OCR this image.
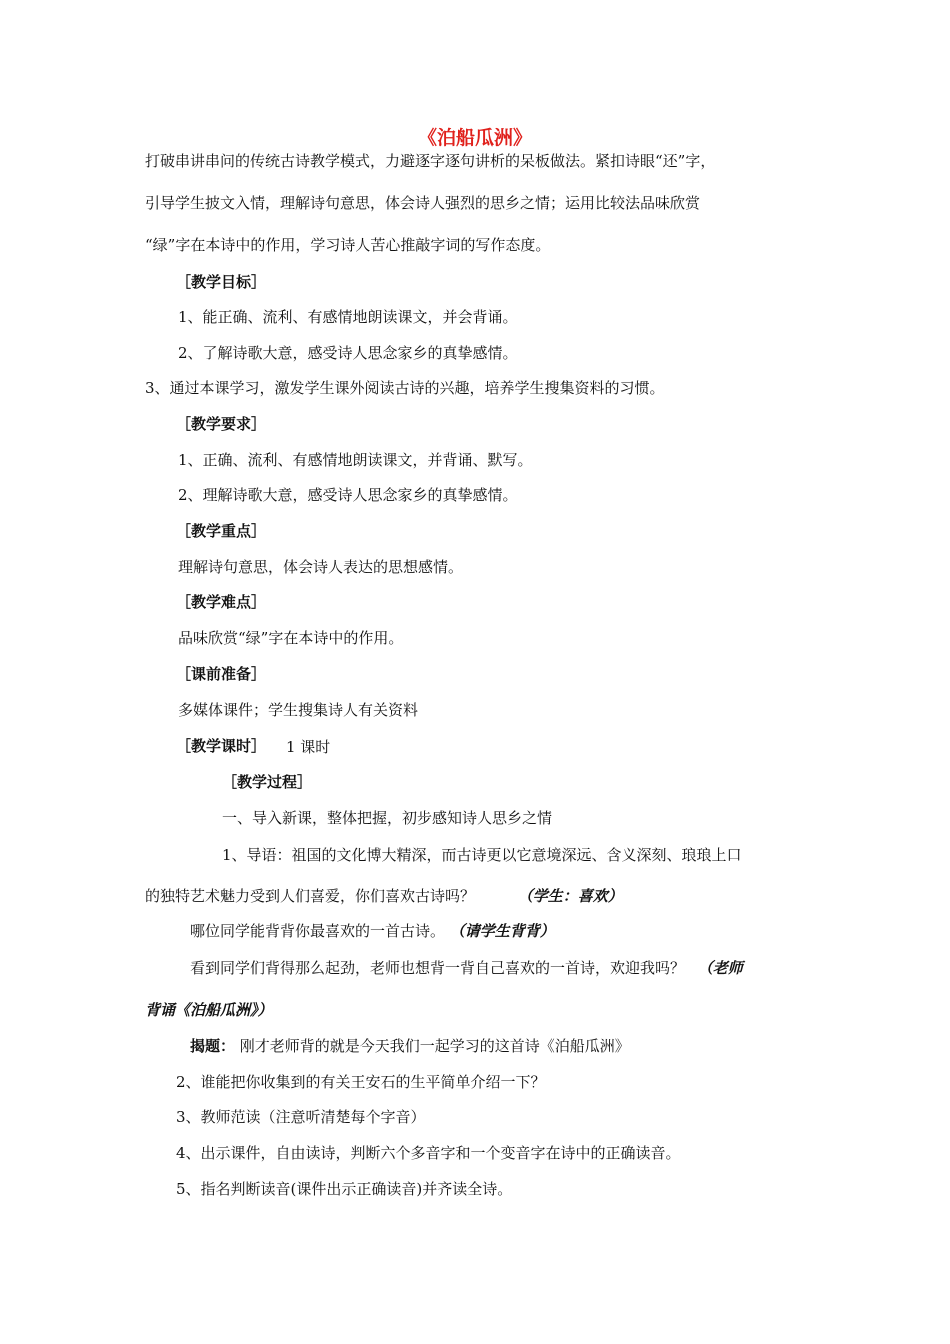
《泊船瓜洲》
打破串讲串问的传统古诗教学模式，力避逐字逐句讲析的呆板做法。紧扣诗眼“还”字，
引导学生披文入情，理解诗句意思，体会诗人强烈的思乡之情；运用比较法品味欣赏
“绿”字在本诗中的作用，学习诗人苦心推敲字词的写作态度。
［教学目标］
1、能正确、流利、有感情地朗读课文，并会背诵。
2、了解诗歌大意，感受诗人思念家乡的真挚感情。
3、通过本课学习，激发学生课外阅读古诗的兴趣，培养学生搜集资料的习惯。
［教学要求］
1、正确、流利、有感情地朗读课文，并背诵、默写。
2、理解诗歌大意，感受诗人思念家乡的真挚感情。
［教学重点］
理解诗句意思，体会诗人表达的思想感情。
［教学难点］
品味欣赏“绿”字在本诗中的作用。
［课前准备］
多媒体课件；学生搜集诗人有关资料
［教学课时］ 1 课时
［教学过程］
一、导入新课，整体把握，初步感知诗人思乡之情
1、导语：祖国的文化博大精深，而古诗更以它意境深远、含义深刻、琅琅上口
的独特艺术魅力受到人们喜爱，你们喜欢古诗吗？	（学生：喜欢）
哪位同学能背背你最喜欢的一首古诗。 （请学生背背）
看到同学们背得那么起劲，老师也想背一背自己喜欢的一首诗，欢迎我吗？ （老师
背诵《泊船瓜洲》）
揭题： 刚才老师背的就是今天我们一起学习的这首诗《泊船瓜洲》
2、谁能把你收集到的有关王安石的生平简单介绍一下？
3、教师范读（注意听清楚每个字音）
4、出示课件，自由读诗，判断六个多音字和一个变音字在诗中的正确读音。
5、指名判断读音(课件出示正确读音)并齐读全诗。
